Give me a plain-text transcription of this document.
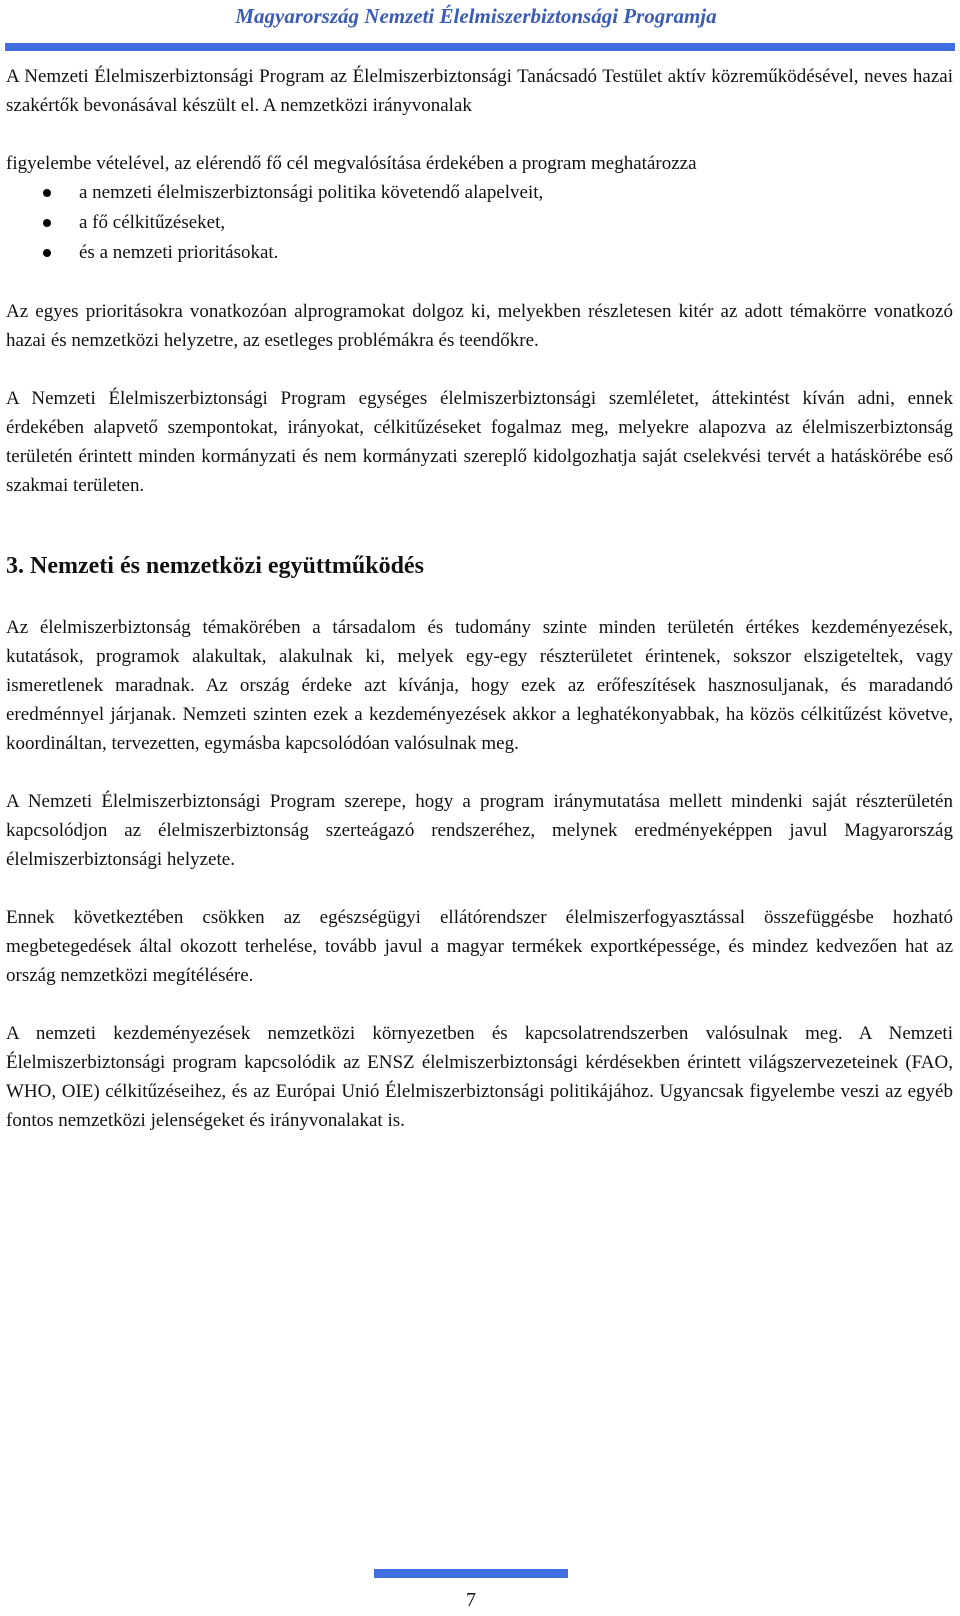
Magyarország Nemzeti Élelmiszerbiztonsági Programja

A Nemzeti Élelmiszerbiztonsági Program az Élelmiszerbiztonsági Tanácsadó Testület aktív közreműködésével, neves hazai szakértők bevonásával készült el. A nemzetközi irányvonalak

figyelembe vételével, az elérendő fő cél megvalósítása érdekében a program meghatározza

a nemzeti élelmiszerbiztonsági politika követendő alapelveit,
a fő célkitűzéseket,
és a nemzeti prioritásokat.

Az egyes prioritásokra vonatkozóan alprogramokat dolgoz ki, melyekben részletesen kitér az adott témakörre vonatkozó hazai és nemzetközi helyzetre, az esetleges problémákra és teendőkre.

A Nemzeti Élelmiszerbiztonsági Program egységes élelmiszerbiztonsági szemléletet, áttekintést kíván adni, ennek érdekében alapvető szempontokat, irányokat, célkitűzéseket fogalmaz meg, melyekre alapozva az élelmiszerbiztonság területén érintett minden kormányzati és nem kormányzati szereplő kidolgozhatja saját cselekvési tervét a hatáskörébe eső szakmai területen.

3. Nemzeti és nemzetközi együttműködés

Az élelmiszerbiztonság témakörében a társadalom és tudomány szinte minden területén értékes kezdeményezések, kutatások, programok alakultak, alakulnak ki, melyek egy-egy részterületet érintenek, sokszor elszigeteltek, vagy ismeretlenek maradnak. Az ország érdeke azt kívánja, hogy ezek az erőfeszítések hasznosuljanak, és maradandó eredménnyel járjanak. Nemzeti szinten ezek a kezdeményezések akkor a leghatékonyabbak, ha közös célkitűzést követve, koordináltan, tervezetten, egymásba kapcsolódóan valósulnak meg.

A Nemzeti Élelmiszerbiztonsági Program szerepe, hogy a program iránymutatása mellett mindenki saját részterületén kapcsolódjon az élelmiszerbiztonság szerteágazó rendszeréhez, melynek eredményeképpen javul Magyarország élelmiszerbiztonsági helyzete.

Ennek következtében csökken az egészségügyi ellátórendszer élelmiszerfogyasztással összefüggésbe hozható megbetegedések által okozott terhelése, tovább javul a magyar termékek exportképessége, és mindez kedvezően hat az ország nemzetközi megítélésére.

A nemzeti kezdeményezések nemzetközi környezetben és kapcsolatrendszerben valósulnak meg. A Nemzeti Élelmiszerbiztonsági program kapcsolódik az ENSZ élelmiszerbiztonsági kérdésekben érintett világszervezeteinek (FAO, WHO, OIE) célkitűzéseihez, és az Európai Unió Élelmiszerbiztonsági politikájához. Ugyancsak figyelembe veszi az egyéb fontos nemzetközi jelenségeket és irányvonalakat is.

7
